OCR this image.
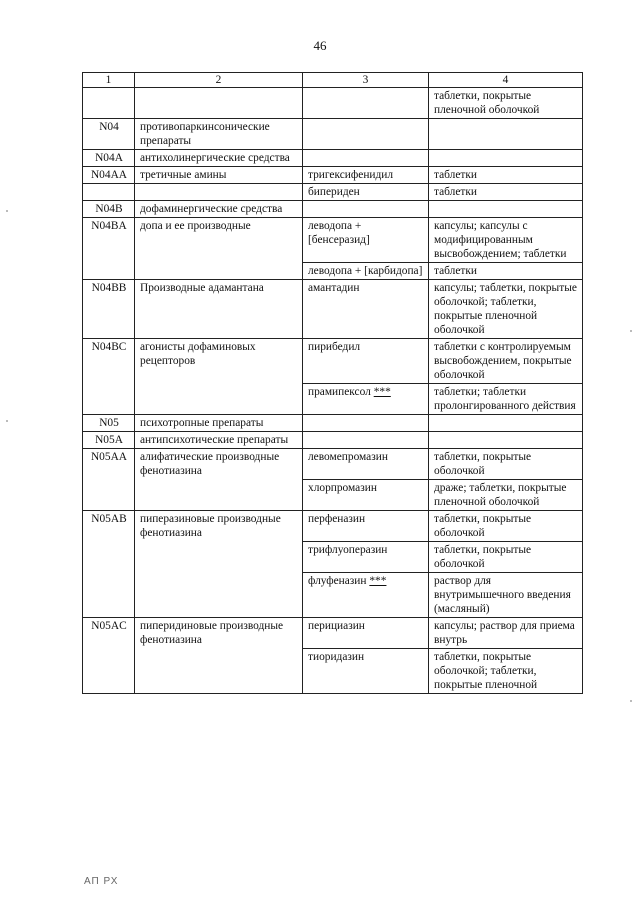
46
1	2	3	4
			таблетки, покрытые пленочной оболочкой
N04	противопаркинсонические препараты		
N04A	антихолинергические средства		
N04AA	третичные амины	тригексифенидил	таблетки
		бипериден	таблетки
N04B	дофаминергические средства		
N04BA	допа и ее производные	леводопа + [бенсеразид]	капсулы; капсулы с модифицированным высвобождением; таблетки
		леводопа + [карбидопа]	таблетки
N04BB	Производные адамантана	амантадин	капсулы; таблетки, покрытые оболочкой; таблетки, покрытые пленочной оболочкой
N04BC	агонисты дофаминовых рецепторов	пирибедил	таблетки с контролируемым высвобождением, покрытые оболочкой
		прамипексол ***	таблетки; таблетки пролонгированного действия
N05	психотропные препараты		
N05A	антипсихотические препараты		
N05AA	алифатические производные фенотиазина	левомепромазин	таблетки, покрытые оболочкой
		хлорпромазин	драже; таблетки, покрытые пленочной оболочкой
N05AB	пиперазиновые производные фенотиазина	перфеназин	таблетки, покрытые оболочкой
		трифлуоперазин	таблетки, покрытые оболочкой
		флуфеназин ***	раствор для внутримышечного введения (масляный)
N05AC	пиперидиновые производные фенотиазина	перициазин	капсулы; раствор для приема внутрь
		тиоридазин	таблетки, покрытые оболочкой; таблетки, покрытые пленочной
АП РХ
